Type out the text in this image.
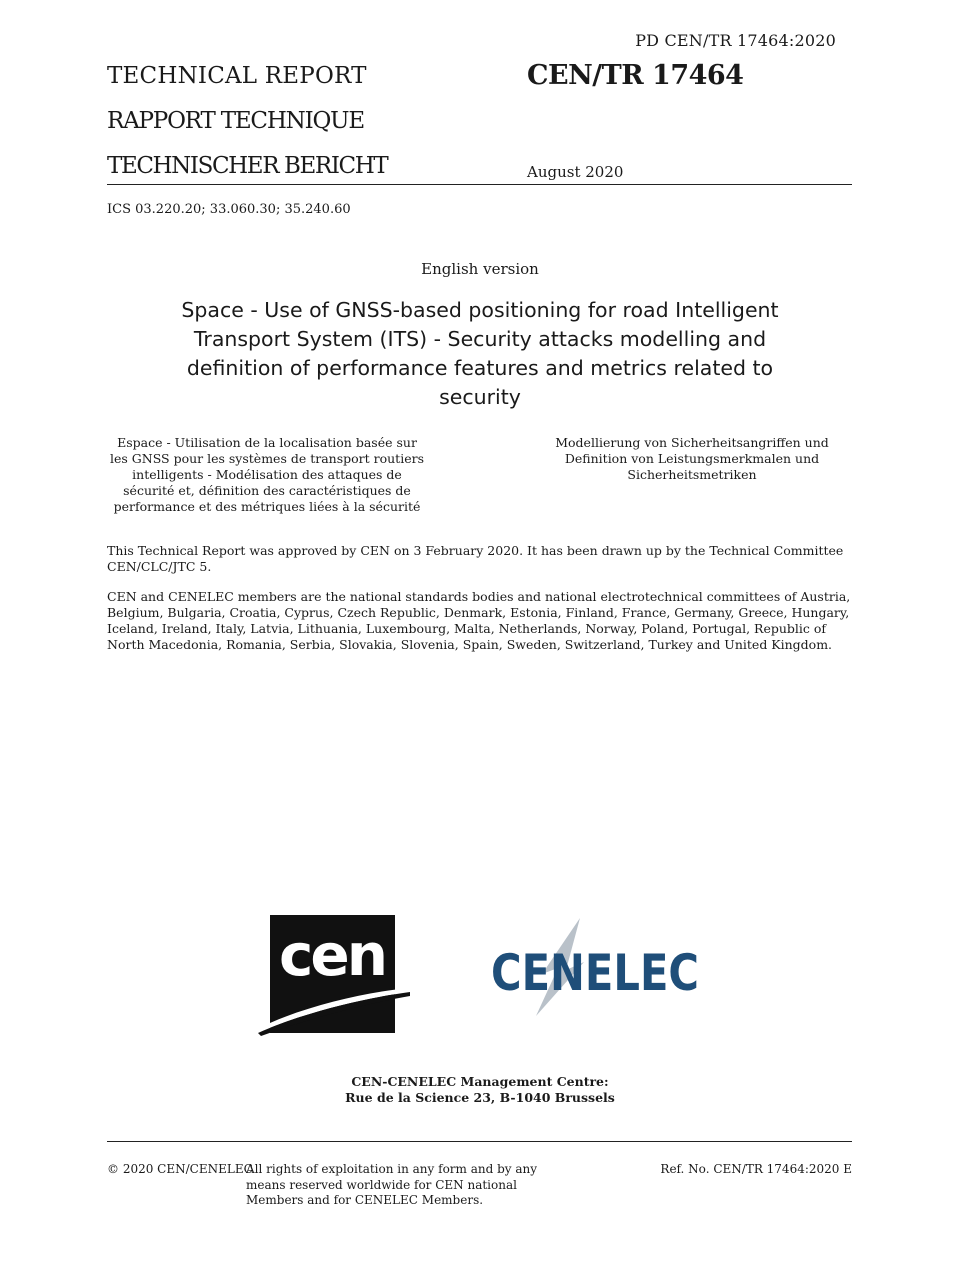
PD CEN/TR 17464:2020
TECHNICAL REPORT
RAPPORT TECHNIQUE
TECHNISCHER BERICHT
CEN/TR 17464
August 2020
ICS 03.220.20; 33.060.30; 35.240.60
English version
Space - Use of GNSS-based positioning for road Intelligent Transport System (ITS) - Security attacks modelling and definition of performance features and metrics related to security
Espace - Utilisation de la localisation basée sur les GNSS pour les systèmes de transport routiers intelligents - Modélisation des attaques de sécurité et, définition des caractéristiques de performance et des métriques liées à la sécurité
Modellierung von Sicherheitsangriffen und Definition von Leistungsmerkmalen und Sicherheitsmetriken
This Technical Report was approved by CEN on 3 February 2020. It has been drawn up by the Technical Committee CEN/CLC/JTC 5.
CEN and CENELEC members are the national standards bodies and national electrotechnical committees of Austria, Belgium, Bulgaria, Croatia, Cyprus, Czech Republic, Denmark, Estonia, Finland, France, Germany, Greece, Hungary, Iceland, Ireland, Italy, Latvia, Lithuania, Luxembourg, Malta, Netherlands, Norway, Poland, Portugal, Republic of North Macedonia, Romania, Serbia, Slovakia, Slovenia, Spain, Sweden, Switzerland, Turkey and United Kingdom.
cen CENELEC
CEN-CENELEC Management Centre:
Rue de la Science 23, B-1040 Brussels
© 2020 CEN/CENELEC
All rights of exploitation in any form and by any means reserved worldwide for CEN national Members and for CENELEC Members.
Ref. No. CEN/TR 17464:2020 E
